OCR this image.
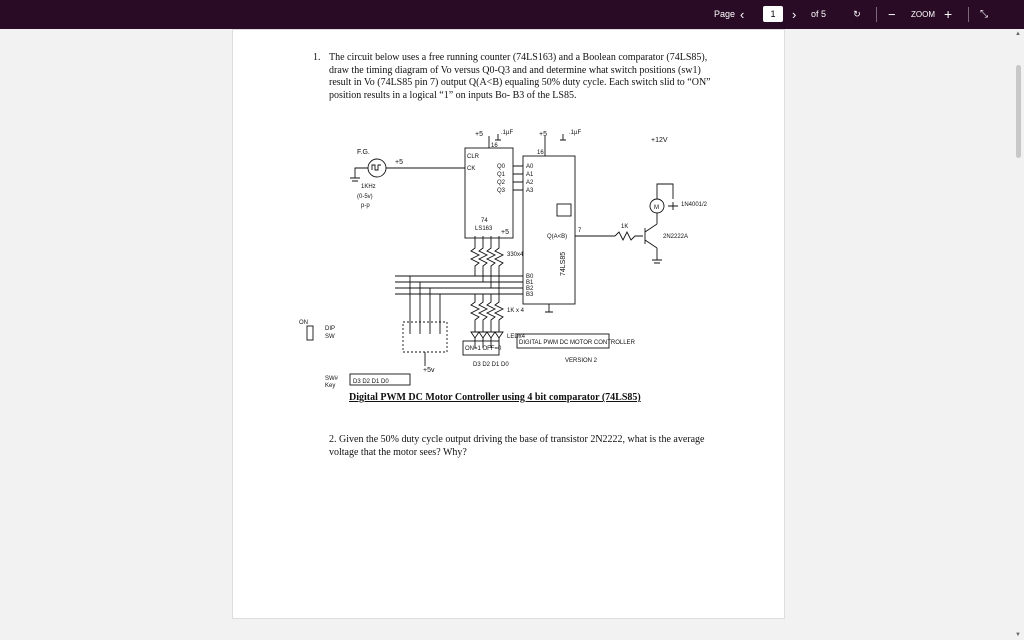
Page ‹	1	› of 5	↻	− ZOOM +	⤡
1. The circuit below uses a free running counter (74LS163) and a Boolean comparator (74LS85), draw the timing diagram of Vo versus Q0-Q3 and and determine what switch positions (sw1) result in Vo (74LS85 pin 7) output Q(A<B) equaling 50% duty cycle. Each switch slid to “ON” position results in a logical “1” on inputs Bo- B3 of the LS85.
F.G.
1KHz
(0-5v)
p-p
+5
+5	+5
+5
+5v
+12V
.1µF	.1µF
16
16
CLR
CK
74
LS163
74LS85
Q0
Q1
Q2
Q3
A0
A1
A2
A3
B0
B1
B2
B3
Q(A<B)
7
1K
2N2222A
M	1N4001/2
330x4
1K x 4
LEDx4
DIP
SW
ON
ON=1 OFF=0
DIGITAL PWM DC MOTOR CONTROLLER
VERSION 2
SW#
Key
D3 D2 D1 D0
D3 D2 D1 D0
Digital PWM DC Motor Controller using 4 bit comparator (74LS85)
2. Given the 50% duty cycle output driving the base of transistor 2N2222, what is the average voltage that the motor sees? Why?
▲
▼
